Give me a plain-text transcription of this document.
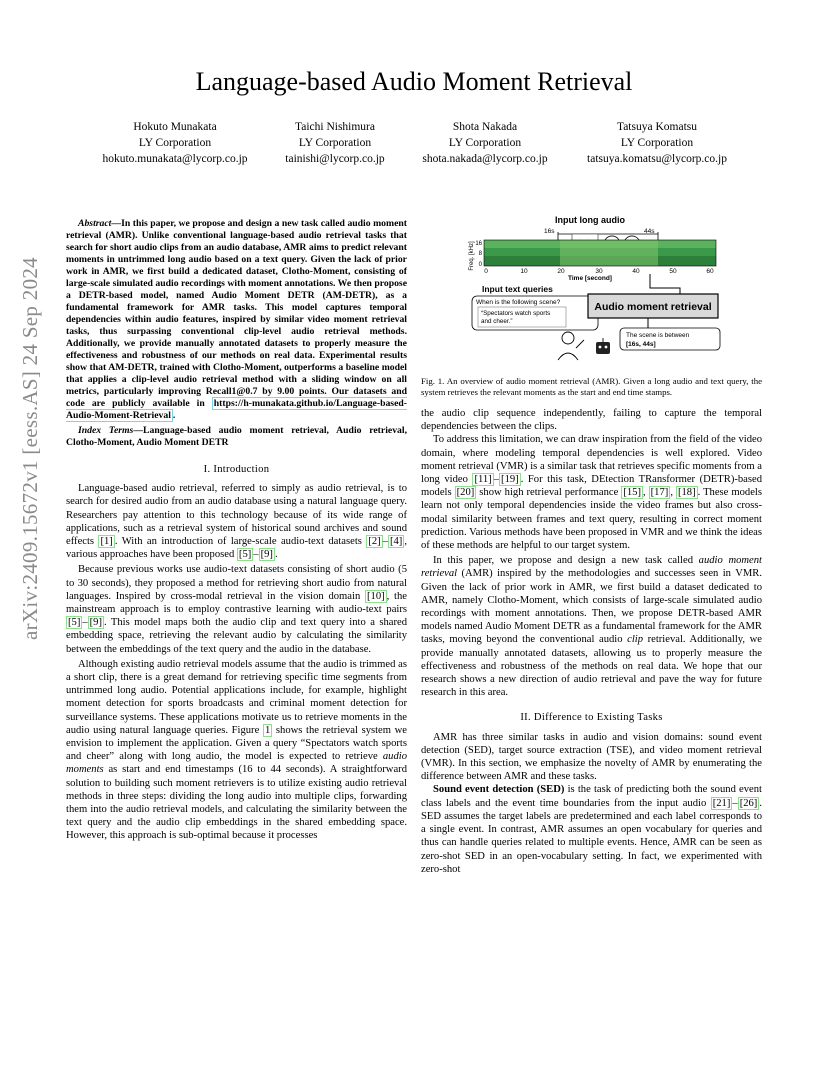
arXiv:2409.15672v1 [eess.AS] 24 Sep 2024
Language-based Audio Moment Retrieval
Hokuto Munakata
LY Corporation
hokuto.munakata@lycorp.co.jp
Taichi Nishimura
LY Corporation
tainishi@lycorp.co.jp
Shota Nakada
LY Corporation
shota.nakada@lycorp.co.jp
Tatsuya Komatsu
LY Corporation
tatsuya.komatsu@lycorp.co.jp

Abstract—In this paper, we propose and design a new task called audio moment retrieval (AMR). Unlike conventional language-based audio retrieval tasks that search for short audio clips from an audio database, AMR aims to predict relevant moments in untrimmed long audio based on a text query. Given the lack of prior work in AMR, we first build a dedicated dataset, Clotho-Moment, consisting of large-scale simulated audio recordings with moment annotations. We then propose a DETR-based model, named Audio Moment DETR (AM-DETR), as a fundamental framework for AMR tasks. This model captures temporal dependencies within audio features, inspired by similar video moment retrieval tasks, thus surpassing conventional clip-level audio retrieval methods. Additionally, we provide manually annotated datasets to properly measure the effectiveness and robustness of our methods on real data. Experimental results show that AM-DETR, trained with Clotho-Moment, outperforms a baseline model that applies a clip-level audio retrieval method with a sliding window on all metrics, particularly improving Recall1@0.7 by 9.00 points. Our datasets and code are publicly available in https://h-munakata.github.io/Language-based-Audio-Moment-Retrieval .

Index Terms—Language-based audio moment retrieval, Audio retrieval, Clotho-Moment, Audio Moment DETR

I. Introduction

Language-based audio retrieval, referred to simply as audio retrieval, is to search for desired audio from an audio database using a natural language query. Researchers pay attention to this technology because of its wide range of applications, such as a retrieval system of historical sound archives and sound effects [1] . With an introduction of large-scale audio-text datasets [2] – [4] , various approaches have been proposed [5] – [9] .

Because previous works use audio-text datasets consisting of short audio (5 to 30 seconds), they proposed a method for retrieving short audio from natural languages. Inspired by cross-modal retrieval in the vision domain [10] , the mainstream approach is to employ contrastive learning with audio-text pairs [5] – [9] . This model maps both the audio clip and text query into a shared embedding space, retrieving the relevant audio by calculating the similarity between the embeddings of the text query and the audio in the database.

Although existing audio retrieval models assume that the audio is trimmed as a short clip, there is a great demand for retrieving specific time segments from untrimmed long audio. Potential applications include, for example, highlight moment detection for sports broadcasts and criminal moment detection for surveillance systems. These applications motivate us to retrieve moments in the audio using natural language queries. Figure 1 shows the retrieval system we envision to implement the application. Given a query “Spectators watch sports and cheer” along with long audio, the model is expected to retrieve audio moments as start and end timestamps (16 to 44 seconds). A straightforward solution to building such moment retrievers is to utilize existing audio retrieval methods in three steps: dividing the long audio into multiple clips, forwarding them into the audio retrieval models, and calculating the similarity between the text query and the audio clip embeddings in the shared embedding space. However, this approach is sub-optimal because it processes

Input long audio
16s	44s
Freq. [kHz] 16
8
0
0	10	20	30	40	50	60
Time [second]
Input text queries
When is the following scene?
“Spectators watch sports
and cheer.”
Audio moment retrieval
The scene is between
[16s, 44s]

Fig. 1. An overview of audio moment retrieval (AMR). Given a long audio and text query, the system retrieves the relevant moments as the start and end time stamps.

the audio clip sequence independently, failing to capture the temporal dependencies between the clips.

To address this limitation, we can draw inspiration from the field of the video domain, where modeling temporal dependencies is well explored. Video moment retrieval (VMR) is a similar task that retrieves specific moments from a long video [11] – [19] . For this task, DEtection TRansformer (DETR)-based models [20] show high retrieval performance [15] , [17] , [18] . These models learn not only temporal dependencies inside the video frames but also cross-modal similarity between frames and text query, resulting in correct moment prediction. Various methods have been proposed in VMR and we think the ideas of these methods are helpful to our target system.

In this paper, we propose and design a new task called audio moment retrieval (AMR) inspired by the methodologies and successes seen in VMR. Given the lack of prior work in AMR, we first build a dataset dedicated to AMR, namely Clotho-Moment, which consists of large-scale simulated audio recordings with moment annotations. Then, we propose DETR-based AMR models named Audio Moment DETR as a fundamental framework for the AMR tasks, moving beyond the conventional audio clip retrieval. Additionally, we provide manually annotated datasets, allowing us to properly measure the effectiveness and robustness of the methods on real data. We hope that our research shows a new direction of audio retrieval and pave the way for future research in this area.

II. Difference to Existing Tasks

AMR has three similar tasks in audio and vision domains: sound event detection (SED), target source extraction (TSE), and video moment retrieval (VMR). In this section, we emphasize the novelty of AMR by enumerating the difference between AMR and these tasks.

Sound event detection (SED) is the task of predicting both the sound event class labels and the event time boundaries from the input audio [21] – [26] . SED assumes the target labels are predetermined and each label corresponds to a single event. In contrast, AMR assumes an open vocabulary for queries and thus can handle queries related to multiple events. Hence, AMR can be seen as zero-shot SED in an open-vocabulary setting. In fact, we experimented with zero-shot
